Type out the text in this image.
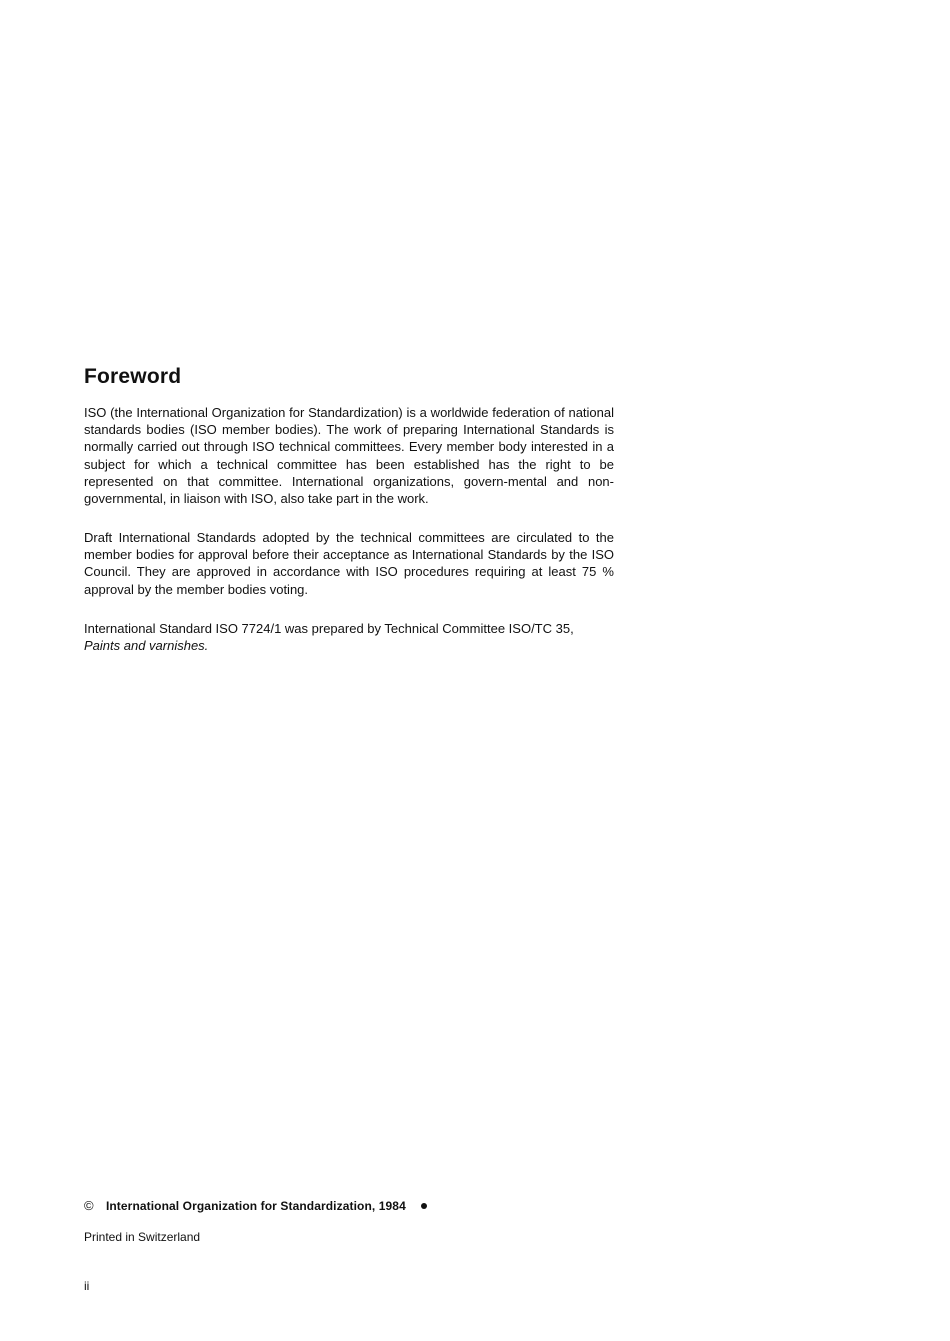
Foreword

ISO (the International Organization for Standardization) is a worldwide federation of national standards bodies (ISO member bodies). The work of preparing International Standards is normally carried out through ISO technical committees. Every member body interested in a subject for which a technical committee has been established has the right to be represented on that committee. International organizations, govern-mental and non-governmental, in liaison with ISO, also take part in the work.

Draft International Standards adopted by the technical committees are circulated to the member bodies for approval before their acceptance as International Standards by the ISO Council. They are approved in accordance with ISO procedures requiring at least 75 % approval by the member bodies voting.

International Standard ISO 7724/1 was prepared by Technical Committee ISO/TC 35,
Paints and varnishes.

© International Organization for Standardization, 1984
Printed in Switzerland
ii
